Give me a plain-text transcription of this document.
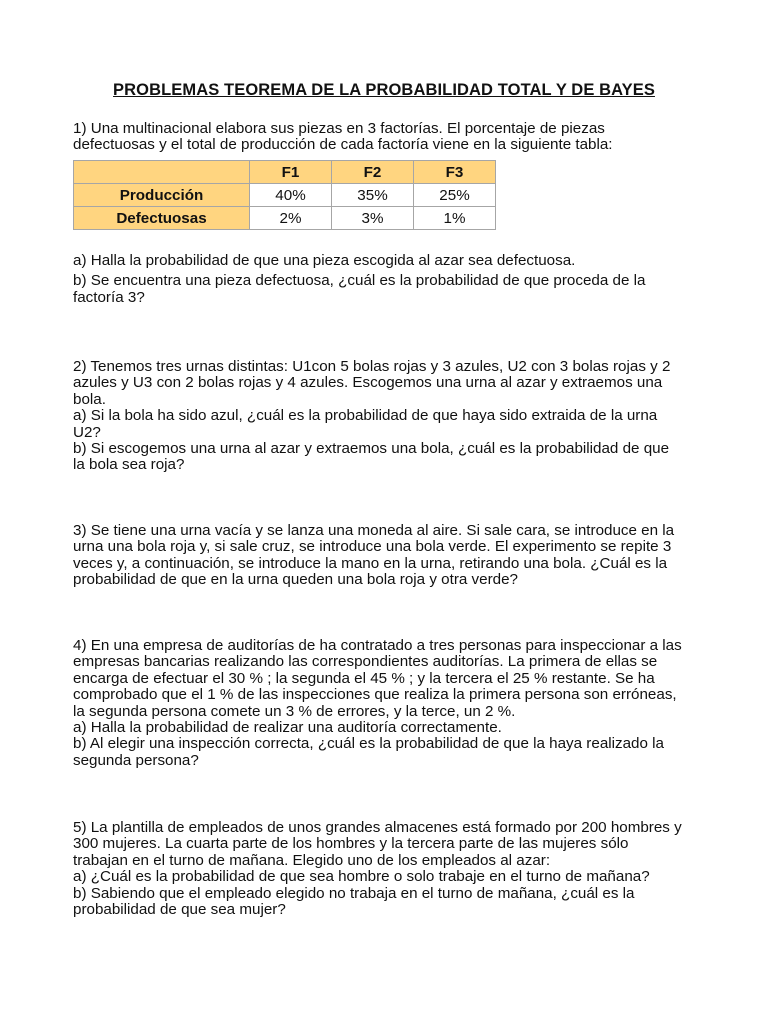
PROBLEMAS TEOREMA DE LA PROBABILIDAD TOTAL Y DE BAYES
1) Una multinacional elabora sus piezas en 3 factorías. El porcentaje de piezas
defectuosas y el total de producción de cada factoría viene en la siguiente tabla:
	F1	F2	F3
Producción	40%	35%	25%
Defectuosas	2%	3%	1%
a) Halla la probabilidad de que una pieza escogida al azar sea defectuosa.
b) Se encuentra una pieza defectuosa, ¿cuál es la probabilidad de que proceda de la
factoría 3?
2) Tenemos tres urnas distintas: U1con 5 bolas rojas y 3 azules, U2 con 3 bolas rojas y 2
azules y U3 con 2 bolas rojas y 4 azules. Escogemos una urna al azar y extraemos una
bola.
a) Si la bola ha sido azul, ¿cuál es la probabilidad de que haya sido extraida de la urna
U2?
b) Si escogemos una urna al azar y extraemos una bola, ¿cuál es la probabilidad de que
la bola sea roja?
3) Se tiene una urna vacía y se lanza una moneda al aire. Si sale cara, se introduce en la
urna una bola roja y, si sale cruz, se introduce una bola verde. El experimento se repite 3
veces y, a continuación, se introduce la mano en la urna, retirando una bola. ¿Cuál es la
probabilidad de que en la urna queden una bola roja y otra verde?
4) En una empresa de auditorías de ha contratado a tres personas para inspeccionar a las
empresas bancarias realizando las correspondientes auditorías. La primera de ellas se
encarga de efectuar el 30 % ; la segunda el 45 % ; y la tercera el 25 % restante. Se ha
comprobado que el 1 % de las inspecciones que realiza la primera persona son erróneas,
la segunda persona comete un 3 % de errores, y la terce, un 2 %.
a) Halla la probabilidad de realizar una auditoría correctamente.
b) Al elegir una inspección correcta, ¿cuál es la probabilidad de que la haya realizado la
segunda persona?
5) La plantilla de empleados de unos grandes almacenes está formado por 200 hombres y
300 mujeres. La cuarta parte de los hombres y la tercera parte de las mujeres sólo
trabajan en el turno de mañana. Elegido uno de los empleados al azar:
a) ¿Cuál es la probabilidad de que sea hombre o solo trabaje en el turno de mañana?
b) Sabiendo que el empleado elegido no trabaja en el turno de mañana, ¿cuál es la
probabilidad de que sea mujer?
